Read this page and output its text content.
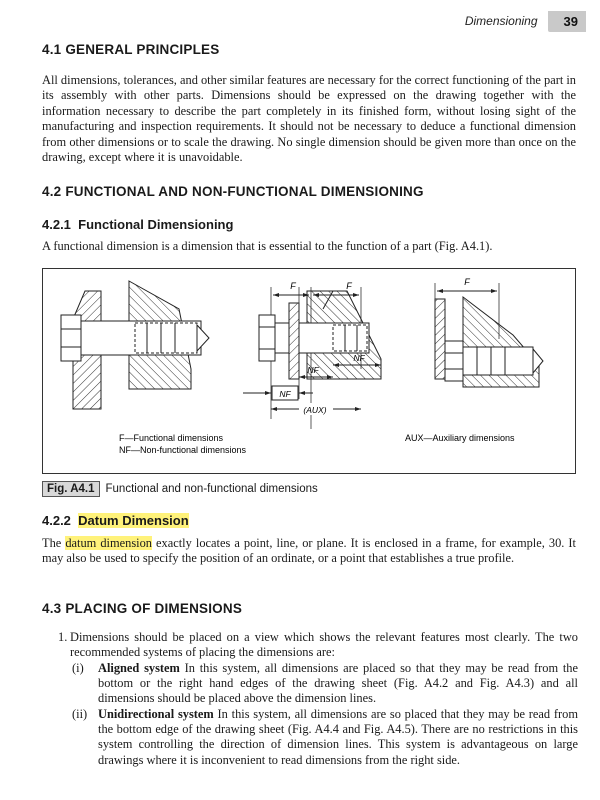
Dimensioning	39
4.1 GENERAL PRINCIPLES
All dimensions, tolerances, and other similar features are necessary for the correct functioning of the part in its assembly with other parts. Dimensions should be expressed on the drawing together with the information necessary to describe the part completely in its finished form, without losing sight of the manufacturing and inspection requirements. It should not be necessary to deduce a functional dimension from other dimensions or to scale the drawing. No single dimension should be given more than once on the drawing, except where it is unavoidable.
4.2 FUNCTIONAL AND NON-FUNCTIONAL DIMENSIONING
4.2.1 Functional Dimensioning
A functional dimension is a dimension that is essential to the function of a part (Fig. A4.1).
F	F
NF
NF
NF
(AUX)
F
F—Functional dimensions
NF—Non-functional dimensions
AUX—Auxiliary dimensions
Fig. A4.1 Functional and non-functional dimensions
4.2.2 Datum Dimension
The datum dimension exactly locates a point, line, or plane. It is enclosed in a frame, for example, 30. It may also be used to specify the position of an ordinate, or a point that establishes a true profile.
4.3 PLACING OF DIMENSIONS
1. Dimensions should be placed on a view which shows the relevant features most clearly. The two recommended systems of placing the dimensions are:
(i) Aligned system In this system, all dimensions are placed so that they may be read from the bottom or the right hand edges of the drawing sheet (Fig. A4.2 and Fig. A4.3) and all dimensions should be placed above the dimension lines.
(ii) Unidirectional system In this system, all dimensions are so placed that they may be read from the bottom edge of the drawing sheet (Fig. A4.4 and Fig. A4.5). There are no restrictions in this system controlling the direction of dimension lines. This system is advantageous on large drawings where it is inconvenient to read dimensions from the right side.
